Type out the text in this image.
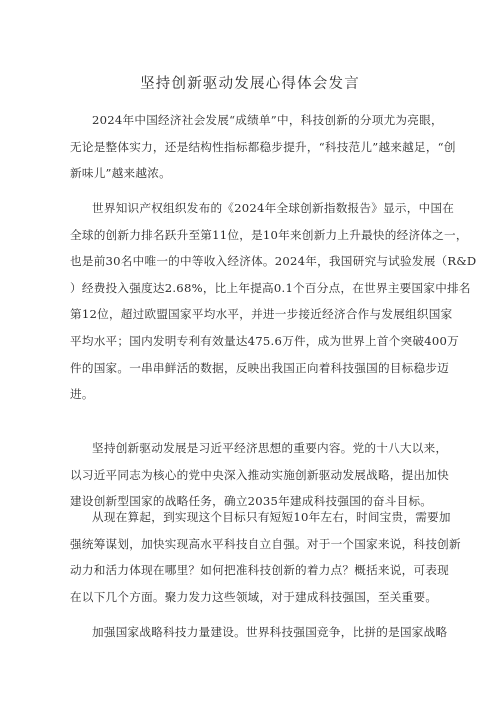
坚持创新驱动发展心得体会发言
2024年中国经济社会发展“成绩单”中，科技创新的分项尤为亮眼，
无论是整体实力，还是结构性指标都稳步提升，“科技范儿”越来越足，“创
新味儿”越来越浓。
世界知识产权组织发布的《2024年全球创新指数报告》显示，中国在
全球的创新力排名跃升至第11位，是10年来创新力上升最快的经济体之一，
也是前30名中唯一的中等收入经济体。2024年，我国研究与试验发展（R&D
）经费投入强度达2.68%，比上年提高0.1个百分点，在世界主要国家中排名
第12位，超过欧盟国家平均水平，并进一步接近经济合作与发展组织国家
平均水平；国内发明专利有效量达475.6万件，成为世界上首个突破400万
件的国家。一串串鲜活的数据，反映出我国正向着科技强国的目标稳步迈
进。
坚持创新驱动发展是习近平经济思想的重要内容。党的十八大以来，
以习近平同志为核心的党中央深入推动实施创新驱动发展战略，提出加快
建设创新型国家的战略任务，确立2035年建成科技强国的奋斗目标。
从现在算起，到实现这个目标只有短短10年左右，时间宝贵，需要加
强统筹谋划，加快实现高水平科技自立自强。对于一个国家来说，科技创新
动力和活力体现在哪里？如何把准科技创新的着力点？概括来说，可表现
在以下几个方面。聚力发力这些领域，对于建成科技强国，至关重要。
加强国家战略科技力量建设。世界科技强国竞争，比拼的是国家战略
